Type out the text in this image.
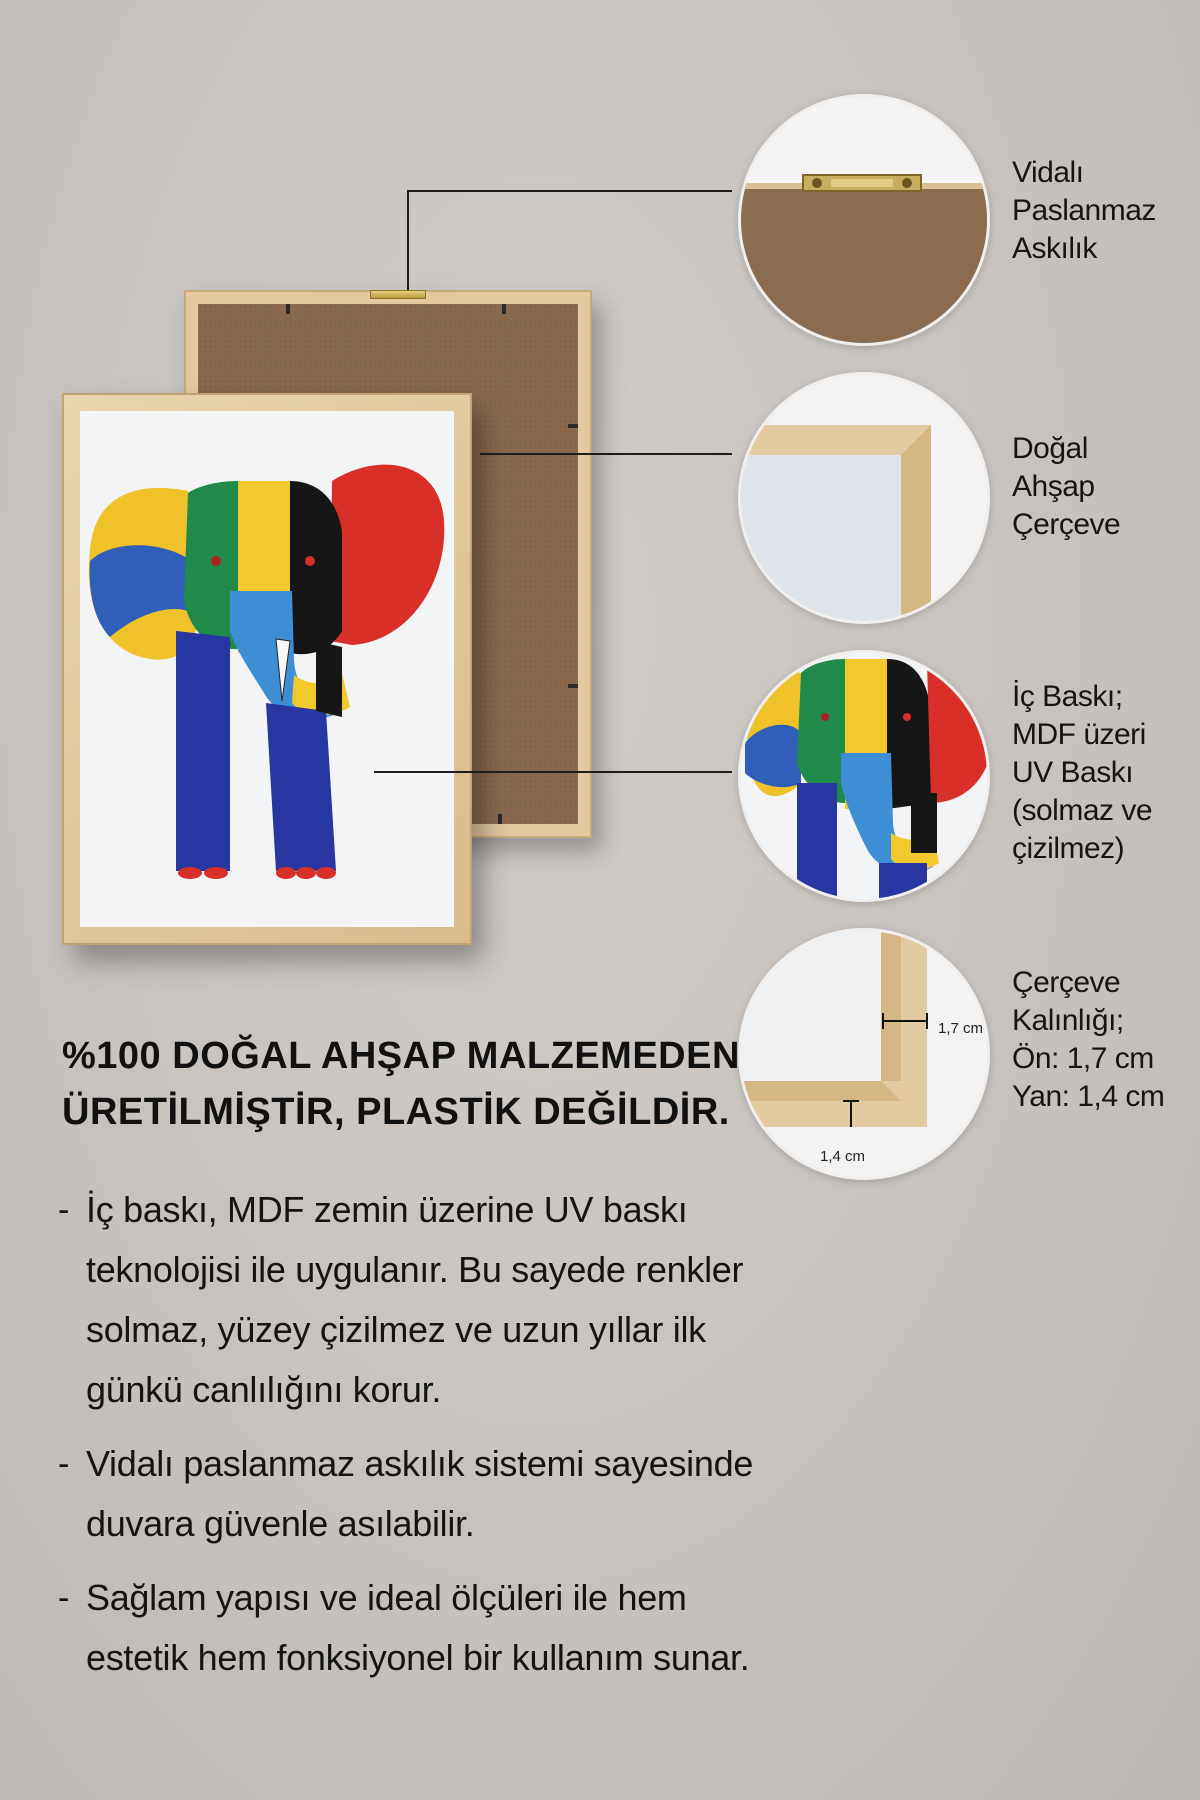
Vidalı
Paslanmaz
Askılık
Doğal
Ahşap
Çerçeve
İç Baskı;
MDF üzeri
UV Baskı
(solmaz ve
çizilmez)
1,7 cm
1,4 cm
Çerçeve
Kalınlığı;
Ön: 1,7 cm
Yan: 1,4 cm
%100 DOĞAL AHŞAP MALZEMEDEN
ÜRETİLMİŞTİR, PLASTİK DEĞİLDİR.
- İç baskı, MDF zemin üzerine UV baskı teknolojisi ile uygulanır. Bu sayede renkler solmaz, yüzey çizilmez ve uzun yıllar ilk günkü canlılığını korur.
- Vidalı paslanmaz askılık sistemi sayesinde duvara güvenle asılabilir.
- Sağlam yapısı ve ideal ölçüleri ile hem estetik hem fonksiyonel bir kullanım sunar.
